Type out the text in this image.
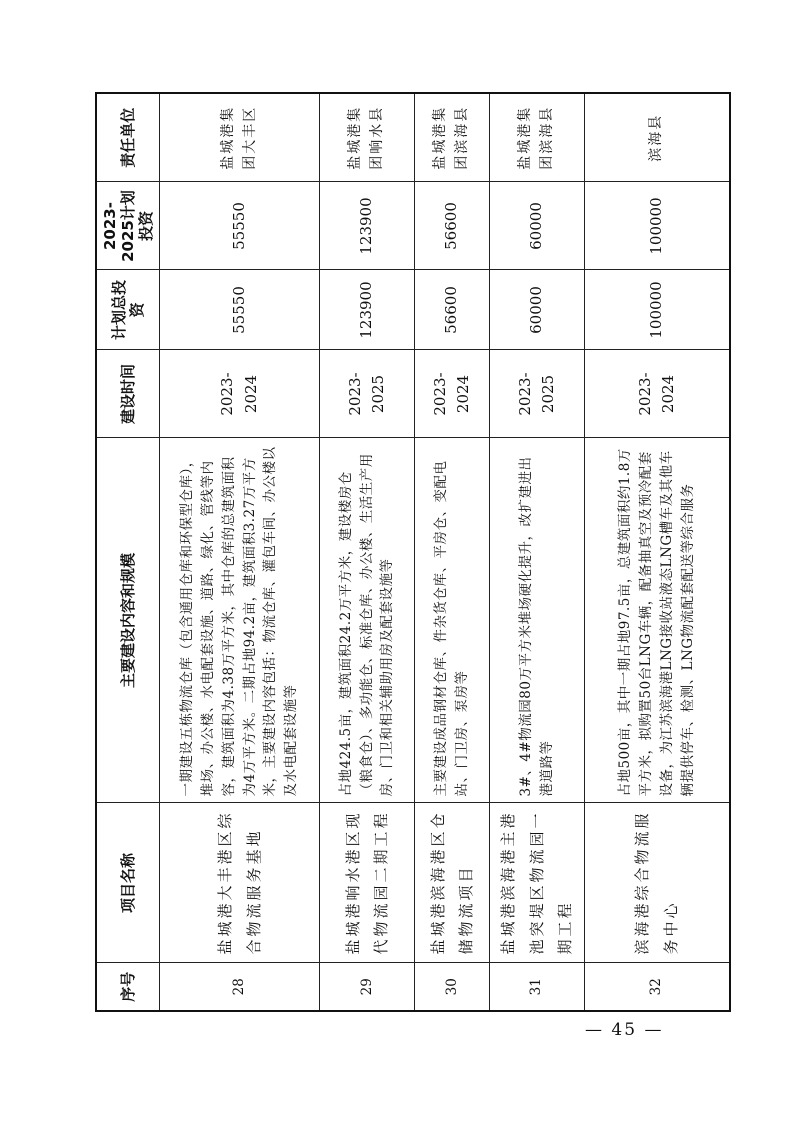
序号	项目名称	主要建设内容和规模	建设时间	计划总投资	2023-2025计划投资	责任单位
28	盐城港大丰港区综合物流服务基地	一期建设五栋物流仓库（包含通用仓库和环保型仓库），堆场、办公楼、水电配套设施、道路、绿化、管线等内容，建筑面积为4.38万平方米，其中仓库的总建筑面积为4万平方米。二期占地94.2亩，建筑面积3.27万平方米，主要建设内容包括：物流仓库、灌包车间、办公楼以及水电配套设施等	2023-2024	55550	55550	盐城港集团大丰区
29	盐城港响水港区现代物流园二期工程	占地424.5亩，建筑面积24.2万平方米，建设楼房仓（粮食仓）、多功能仓、标准仓库、办公楼、生活生产用房、门卫和相关辅助用房及配套设施等	2023-2025	123900	123900	盐城港集团响水县
30	盐城港滨海港区仓储物流项目	主要建设成品钢材仓库、件杂货仓库、平房仓、变配电站、门卫房、泵房等	2023-2024	56600	56600	盐城港集团滨海县
31	盐城港滨海港主港池突堤区物流园一期工程	3#、4#物流园80万平方米堆场硬化提升，改扩建进出港道路等	2023-2025	60000	60000	盐城港集团滨海县
32	滨海港综合物流服务中心	占地500亩，其中一期占地97.5亩，总建筑面积约1.8万平方米，拟购置50台LNG车辆，配备抽真空及预冷配套设备，为江苏滨海港LNG接收站液态LNG槽车及其他车辆提供停车、检测、LNG物流配套配送等综合服务	2023-2024	100000	100000	滨海县
— 45 —
